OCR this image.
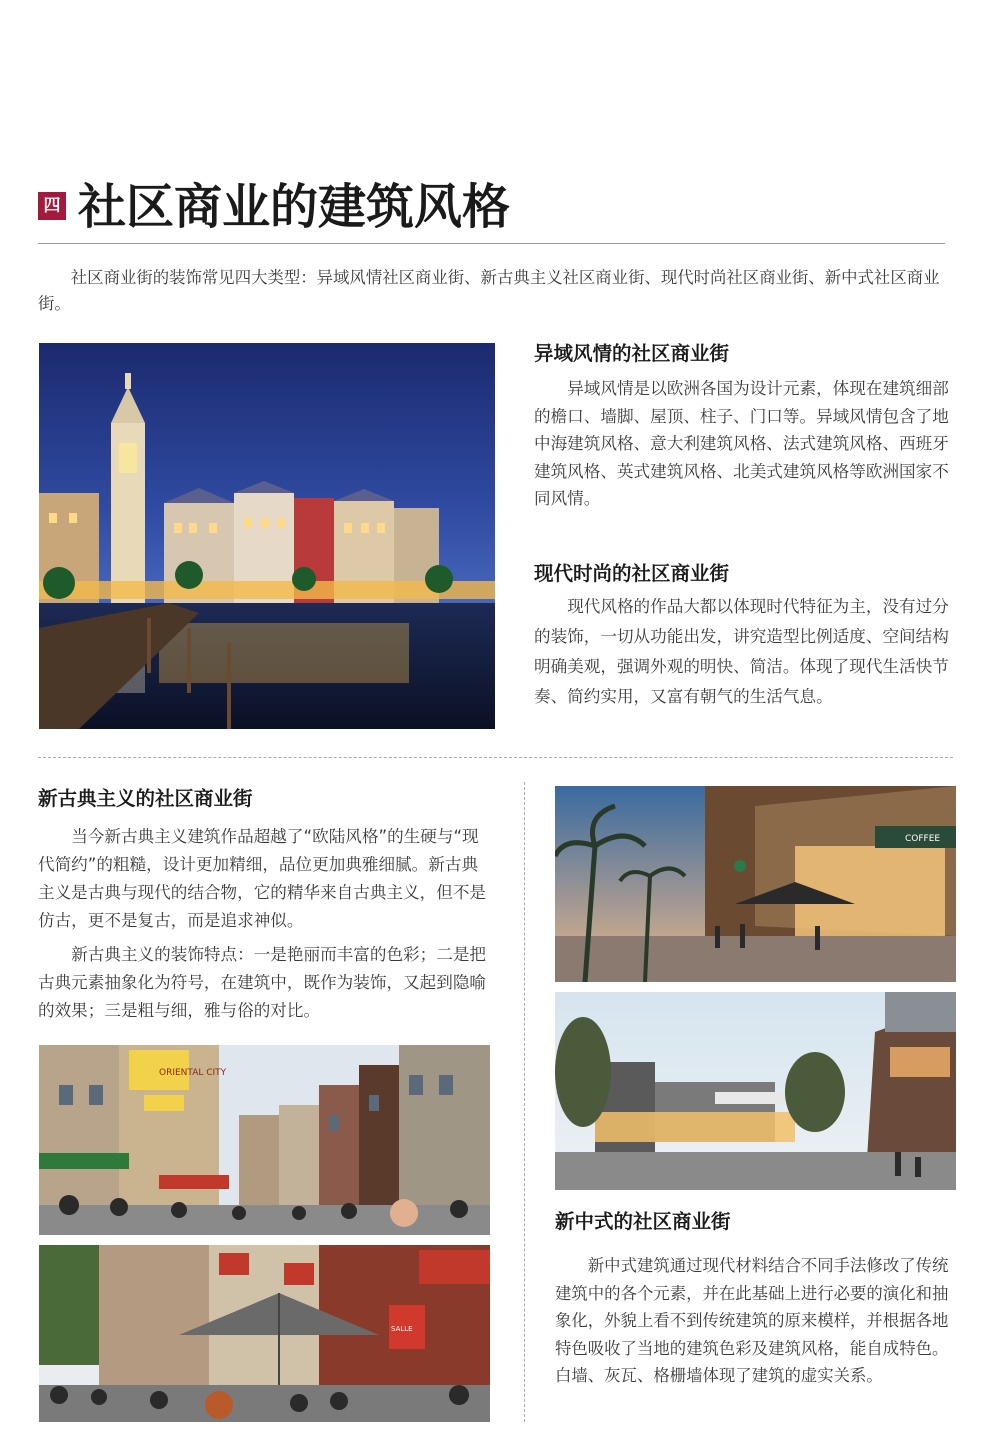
四 社区商业的建筑风格

社区商业街的装饰常见四大类型：异域风情社区商业街、新古典主义社区商业街、现代时尚社区商业街、新中式社区商业街。

异域风情的社区商业街

异域风情是以欧洲各国为设计元素，体现在建筑细部的檐口、墙脚、屋顶、柱子、门口等。异域风情包含了地中海建筑风格、意大利建筑风格、法式建筑风格、西班牙建筑风格、英式建筑风格、北美式建筑风格等欧洲国家不同风情。

现代时尚的社区商业街

现代风格的作品大都以体现时代特征为主，没有过分的装饰，一切从功能出发，讲究造型比例适度、空间结构明确美观，强调外观的明快、简洁。体现了现代生活快节奏、简约实用，又富有朝气的生活气息。

新古典主义的社区商业街

当今新古典主义建筑作品超越了“欧陆风格”的生硬与“现代简约”的粗糙，设计更加精细，品位更加典雅细腻。新古典主义是古典与现代的结合物，它的精华来自古典主义，但不是仿古，更不是复古，而是追求神似。

新古典主义的装饰特点：一是艳丽而丰富的色彩；二是把古典元素抽象化为符号，在建筑中，既作为装饰，又起到隐喻的效果；三是粗与细，雅与俗的对比。

ORIENTAL CITY
SALLE
COFFEE

新中式的社区商业街

新中式建筑通过现代材料结合不同手法修改了传统建筑中的各个元素，并在此基础上进行必要的演化和抽象化，外貌上看不到传统建筑的原来模样，并根据各地特色吸收了当地的建筑色彩及建筑风格，能自成特色。白墙、灰瓦、格栅墙体现了建筑的虚实关系。
